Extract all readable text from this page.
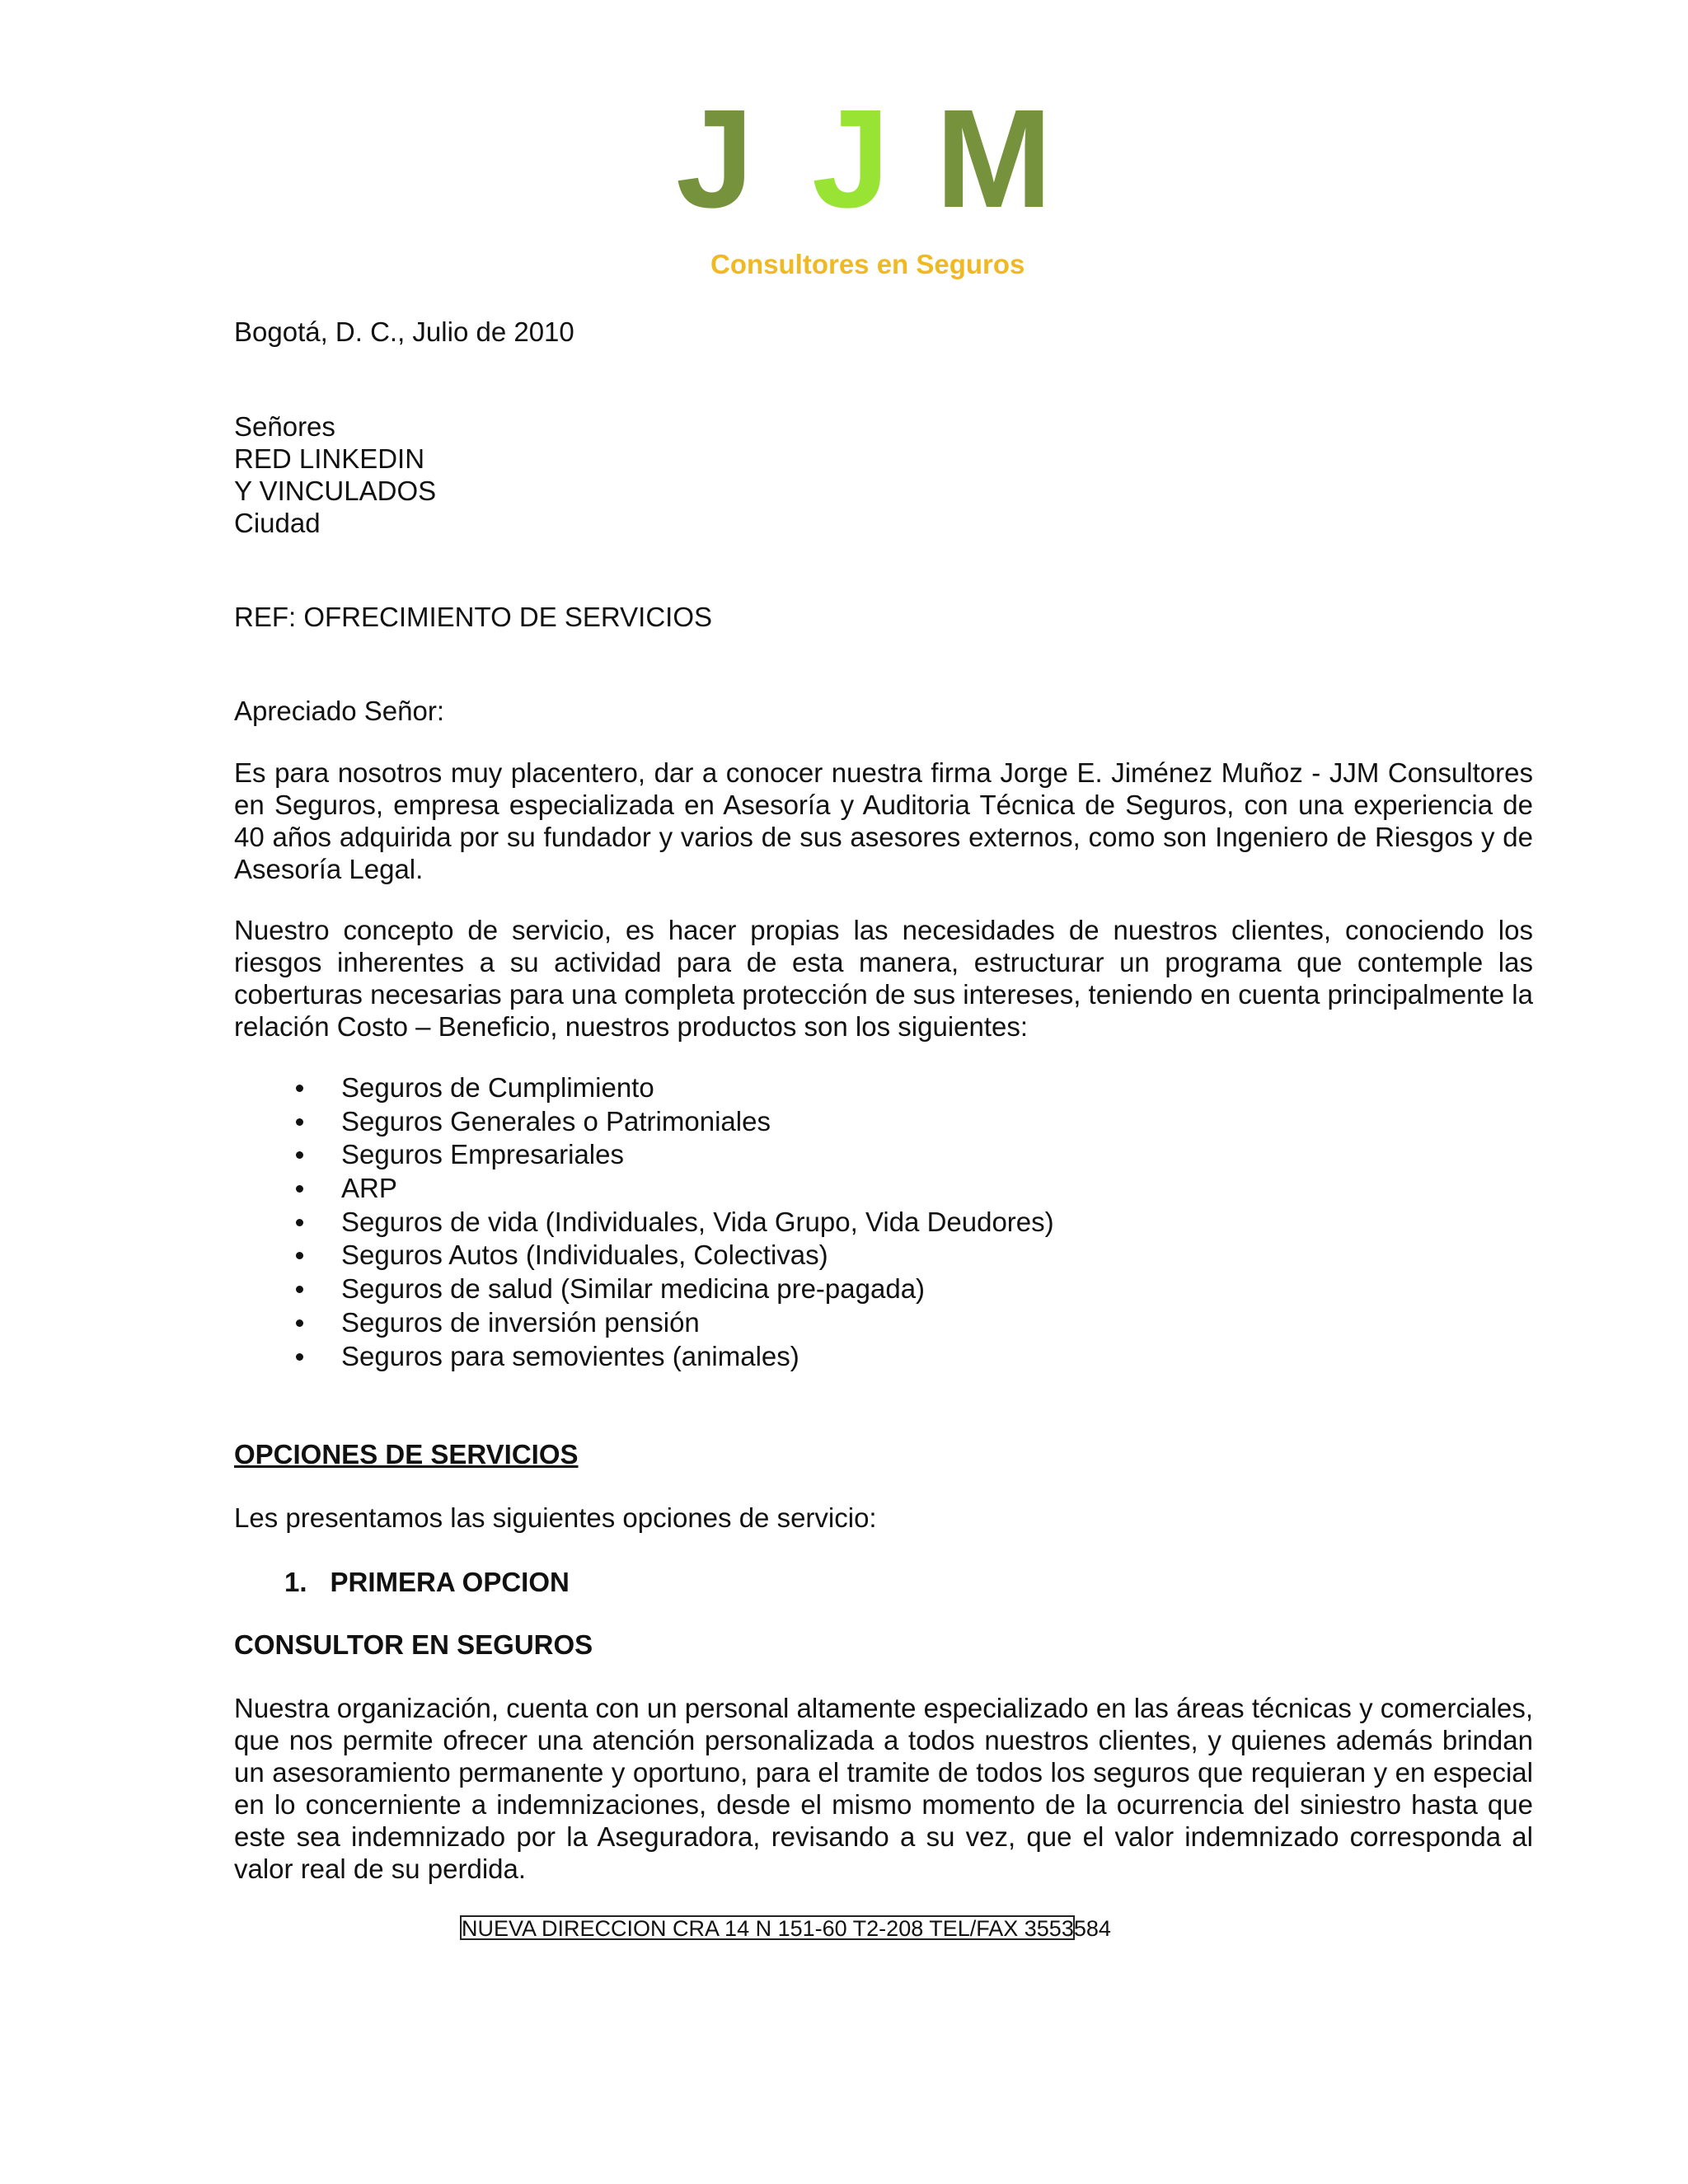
J J M
Consultores en Seguros
Bogotá, D. C., Julio de 2010
Señores
RED LINKEDIN
Y VINCULADOS
Ciudad
REF: OFRECIMIENTO DE SERVICIOS
Apreciado Señor:
Es para nosotros muy placentero, dar a conocer nuestra firma Jorge E. Jiménez Muñoz - JJM Consultores en Seguros, empresa especializada en Asesoría y Auditoria Técnica de Seguros, con una experiencia de 40 años adquirida por su fundador y varios de sus asesores externos, como son Ingeniero de Riesgos y de Asesoría Legal.
Nuestro concepto de servicio, es hacer propias las necesidades de nuestros clientes, conociendo los riesgos inherentes a su actividad para de esta manera, estructurar un programa que contemple las coberturas necesarias para una completa protección de sus intereses, teniendo en cuenta principalmente la relación Costo – Beneficio, nuestros productos son los siguientes:
Seguros de Cumplimiento
Seguros Generales o Patrimoniales
Seguros Empresariales
ARP
Seguros de vida (Individuales, Vida Grupo, Vida Deudores)
Seguros Autos (Individuales, Colectivas)
Seguros de salud (Similar medicina pre-pagada)
Seguros de inversión pensión
Seguros para semovientes (animales)
OPCIONES DE SERVICIOS
Les presentamos las siguientes opciones de servicio:
1. PRIMERA OPCION
CONSULTOR EN SEGUROS
Nuestra organización, cuenta con un personal altamente especializado en las áreas técnicas y comerciales, que nos permite ofrecer una atención personalizada a todos nuestros clientes, y quienes además brindan un asesoramiento permanente y oportuno, para el tramite de todos los seguros que requieran y en especial en lo concerniente a indemnizaciones, desde el mismo momento de la ocurrencia del siniestro hasta que este sea indemnizado por la Aseguradora, revisando a su vez, que el valor indemnizado corresponda al valor real de su perdida.
NUEVA DIRECCION CRA 14 N 151-60 T2-208 TEL/FAX 3553584
